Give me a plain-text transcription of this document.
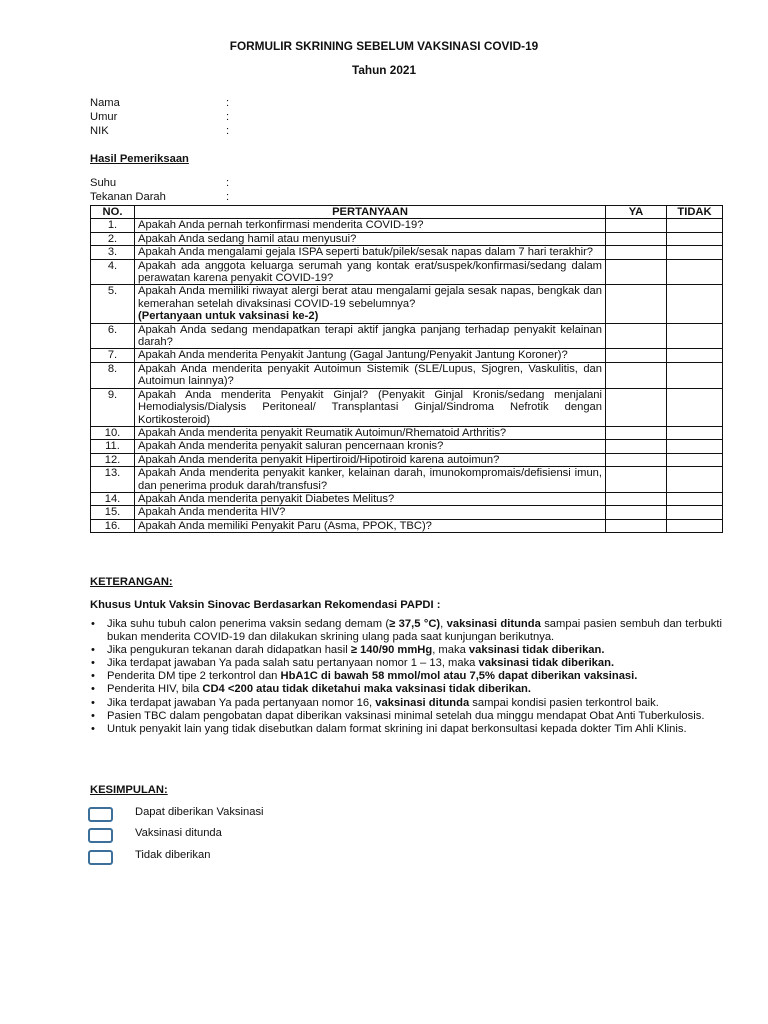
FORMULIR SKRINING SEBELUM VAKSINASI COVID-19
Tahun 2021
Nama	:
Umur	:
NIK	:
Hasil Pemeriksaan
Suhu	:
Tekanan Darah	:
NO.	PERTANYAAN	YA	TIDAK
1.	Apakah Anda pernah terkonfirmasi menderita COVID-19?		
2.	Apakah Anda sedang hamil atau menyusui?		
3.	Apakah Anda mengalami gejala ISPA seperti batuk/pilek/sesak napas dalam 7 hari terakhir?		
4.	Apakah ada anggota keluarga serumah yang kontak erat/suspek/konfirmasi/sedang dalam perawatan karena penyakit COVID-19?		
5.	Apakah Anda memiliki riwayat alergi berat atau mengalami gejala sesak napas, bengkak dan kemerahan setelah divaksinasi COVID-19 sebelumnya?
(Pertanyaan untuk vaksinasi ke-2)		

6.	Apakah Anda sedang mendapatkan terapi aktif jangka panjang terhadap penyakit kelainan darah?		
7.	Apakah Anda menderita Penyakit Jantung (Gagal Jantung/Penyakit Jantung Koroner)?		
8.	Apakah Anda menderita penyakit Autoimun Sistemik (SLE/Lupus, Sjogren, Vaskulitis, dan Autoimun lainnya)?		
9.	Apakah Anda menderita Penyakit Ginjal? (Penyakit Ginjal Kronis/sedang menjalani Hemodialysis/Dialysis Peritoneal/ Transplantasi Ginjal/Sindroma Nefrotik dengan Kortikosteroid)		
10.	Apakah Anda menderita penyakit Reumatik Autoimun/Rhematoid Arthritis?		
11.	Apakah Anda menderita penyakit saluran pencernaan kronis?		
12.	Apakah Anda menderita penyakit Hipertiroid/Hipotiroid karena autoimun?		
13.	Apakah Anda menderita penyakit kanker, kelainan darah, imunokompromais/defisiensi imun, dan penerima produk darah/transfusi?		
14.	Apakah Anda menderita penyakit Diabetes Melitus?		
15.	Apakah Anda menderita HIV?		
16.	Apakah Anda memiliki Penyakit Paru (Asma, PPOK, TBC)?		
KETERANGAN:
Khusus Untuk Vaksin Sinovac Berdasarkan Rekomendasi PAPDI :
• Jika suhu tubuh calon penerima vaksin sedang demam (≥ 37,5 °C), vaksinasi ditunda sampai pasien sembuh dan terbukti bukan menderita COVID-19 dan dilakukan skrining ulang pada saat kunjungan berikutnya.
• Jika pengukuran tekanan darah didapatkan hasil ≥ 140/90 mmHg, maka vaksinasi tidak diberikan.
• Jika terdapat jawaban Ya pada salah satu pertanyaan nomor 1 – 13, maka vaksinasi tidak diberikan.
• Penderita DM tipe 2 terkontrol dan HbA1C di bawah 58 mmol/mol atau 7,5% dapat diberikan vaksinasi.
• Penderita HIV, bila CD4 <200 atau tidak diketahui maka vaksinasi tidak diberikan.
• Jika terdapat jawaban Ya pada pertanyaan nomor 16, vaksinasi ditunda sampai kondisi pasien terkontrol baik.
• Pasien TBC dalam pengobatan dapat diberikan vaksinasi minimal setelah dua minggu mendapat Obat Anti Tuberkulosis.
• Untuk penyakit lain yang tidak disebutkan dalam format skrining ini dapat berkonsultasi kepada dokter Tim Ahli Klinis.
KESIMPULAN:
Dapat diberikan Vaksinasi
Vaksinasi ditunda
Tidak diberikan
